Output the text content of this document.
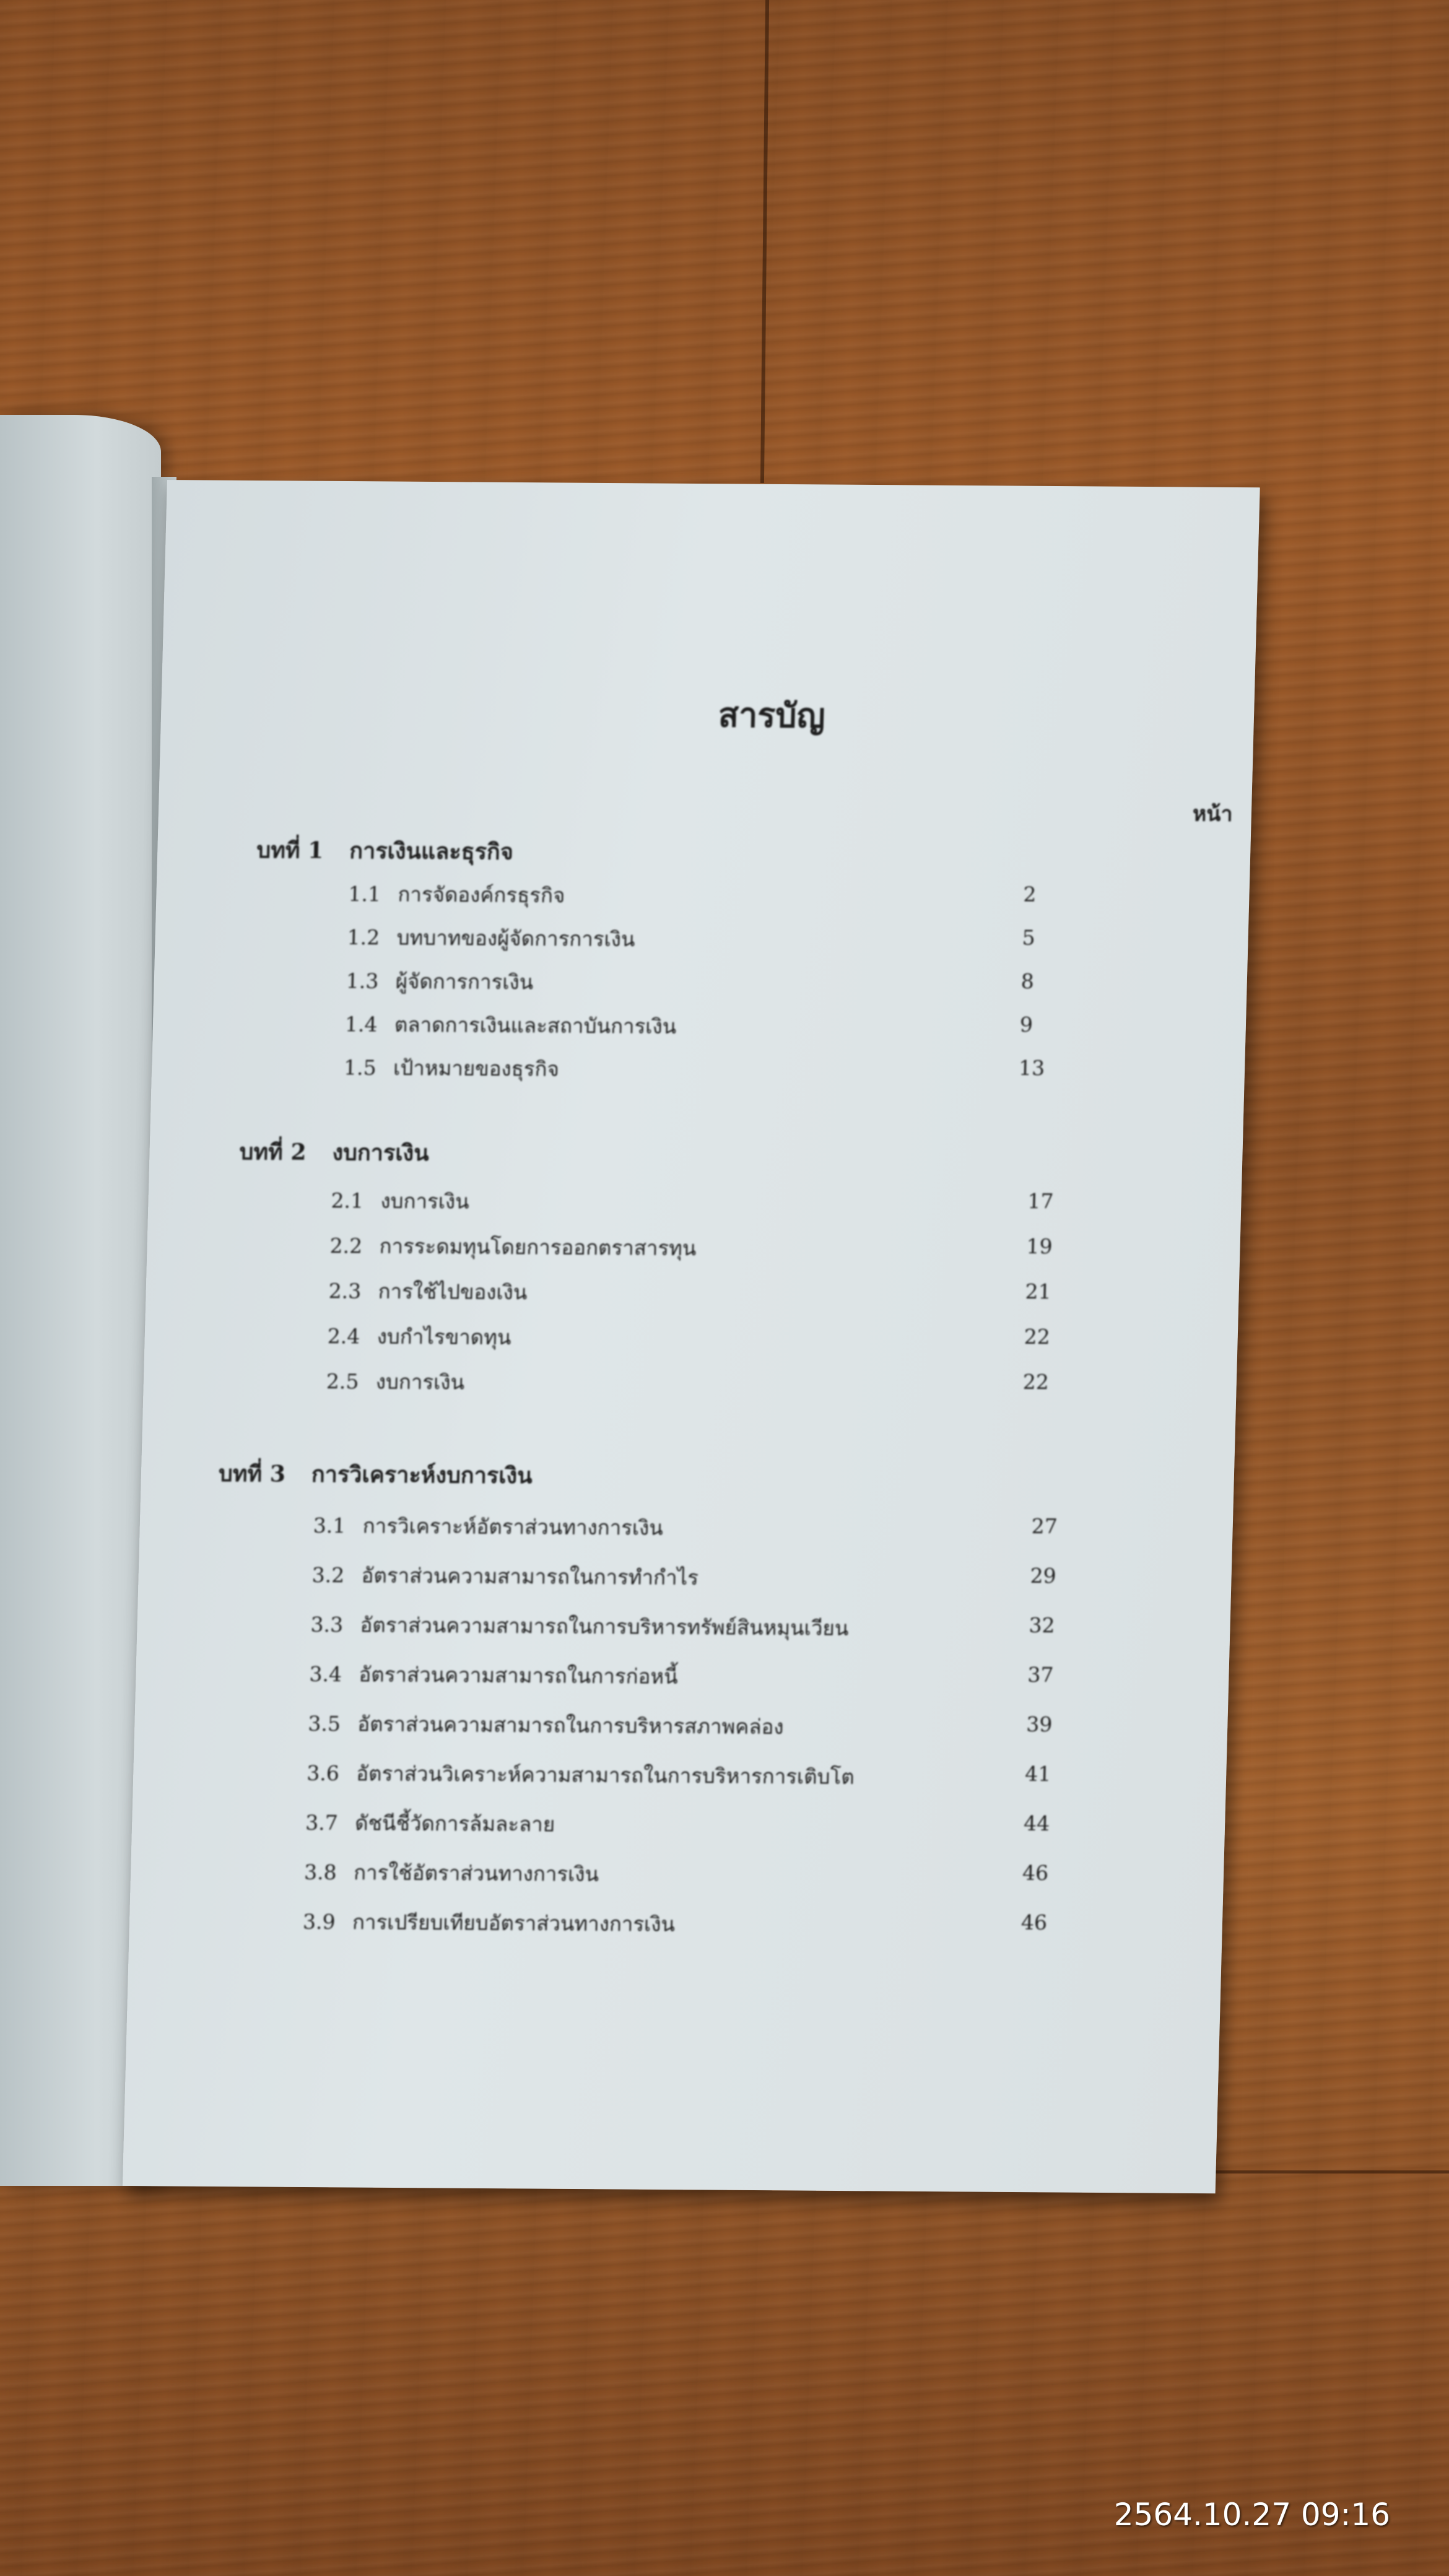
สารบัญ
หน้า
บทที่ 1 การเงินและธุรกิจ
1.1 การจัดองค์กรธุรกิจ	2
1.2 บทบาทของผู้จัดการการเงิน	5
1.3 ผู้จัดการการเงิน	8
1.4 ตลาดการเงินและสถาบันการเงิน	9
1.5 เป้าหมายของธุรกิจ	13
บทที่ 2 งบการเงิน
2.1 งบการเงิน	17
2.2 การระดมทุนโดยการออกตราสารทุน	19
2.3 การใช้ไปของเงิน	21
2.4 งบกำไรขาดทุน	22
2.5 งบการเงิน	22
บทที่ 3 การวิเคราะห์งบการเงิน
3.1 การวิเคราะห์อัตราส่วนทางการเงิน	27
3.2 อัตราส่วนความสามารถในการทำกำไร	29
3.3 อัตราส่วนความสามารถในการบริหารทรัพย์สินหมุนเวียน	32
3.4 อัตราส่วนความสามารถในการก่อหนี้	37
3.5 อัตราส่วนความสามารถในการบริหารสภาพคล่อง	39
3.6 อัตราส่วนวิเคราะห์ความสามารถในการบริหารการเติบโต	41
3.7 ดัชนีชี้วัดการล้มละลาย	44
3.8 การใช้อัตราส่วนทางการเงิน	46
3.9 การเปรียบเทียบอัตราส่วนทางการเงิน	46
2564.10.27 09:16
